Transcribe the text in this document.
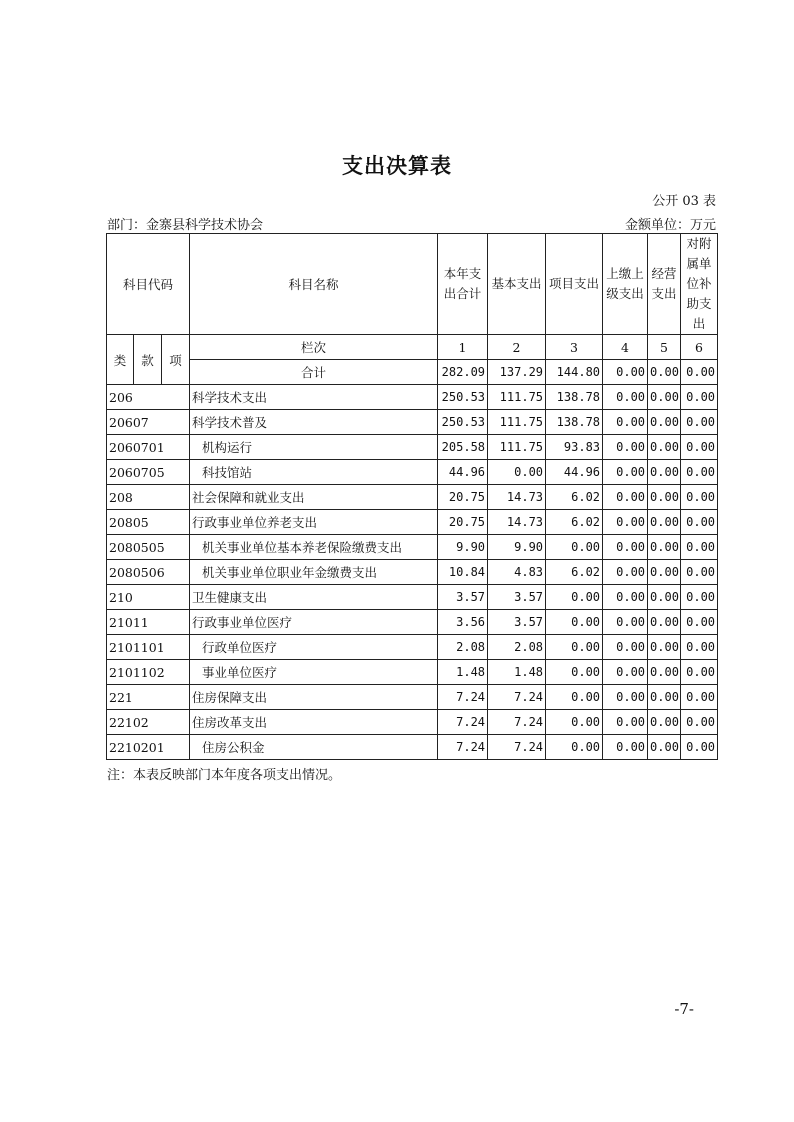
支出决算表
公开 03 表
部门：金寨县科学技术协会	金额单位：万元
科目代码			科目名称	本年支出合计	基本支出	项目支出	上缴上级支出	经营支出	对附属单位补助支出
类	款	项	栏次	1	2	3	4	5	6
			合计	282.09	137.29	144.80	0.00	0.00	0.00
206			科学技术支出	250.53	111.75	138.78	0.00	0.00	0.00
20607			科学技术普及	250.53	111.75	138.78	0.00	0.00	0.00
2060701			机构运行	205.58	111.75	93.83	0.00	0.00	0.00
2060705			科技馆站	44.96	0.00	44.96	0.00	0.00	0.00
208			社会保障和就业支出	20.75	14.73	6.02	0.00	0.00	0.00
20805			行政事业单位养老支出	20.75	14.73	6.02	0.00	0.00	0.00
2080505			机关事业单位基本养老保险缴费支出	9.90	9.90	0.00	0.00	0.00	0.00
2080506			机关事业单位职业年金缴费支出	10.84	4.83	6.02	0.00	0.00	0.00
210			卫生健康支出	3.57	3.57	0.00	0.00	0.00	0.00
21011			行政事业单位医疗	3.56	3.57	0.00	0.00	0.00	0.00
2101101			行政单位医疗	2.08	2.08	0.00	0.00	0.00	0.00
2101102			事业单位医疗	1.48	1.48	0.00	0.00	0.00	0.00
221			住房保障支出	7.24	7.24	0.00	0.00	0.00	0.00
22102			住房改革支出	7.24	7.24	0.00	0.00	0.00	0.00
2210201			住房公积金	7.24	7.24	0.00	0.00	0.00	0.00
注：本表反映部门本年度各项支出情况。
-7-
